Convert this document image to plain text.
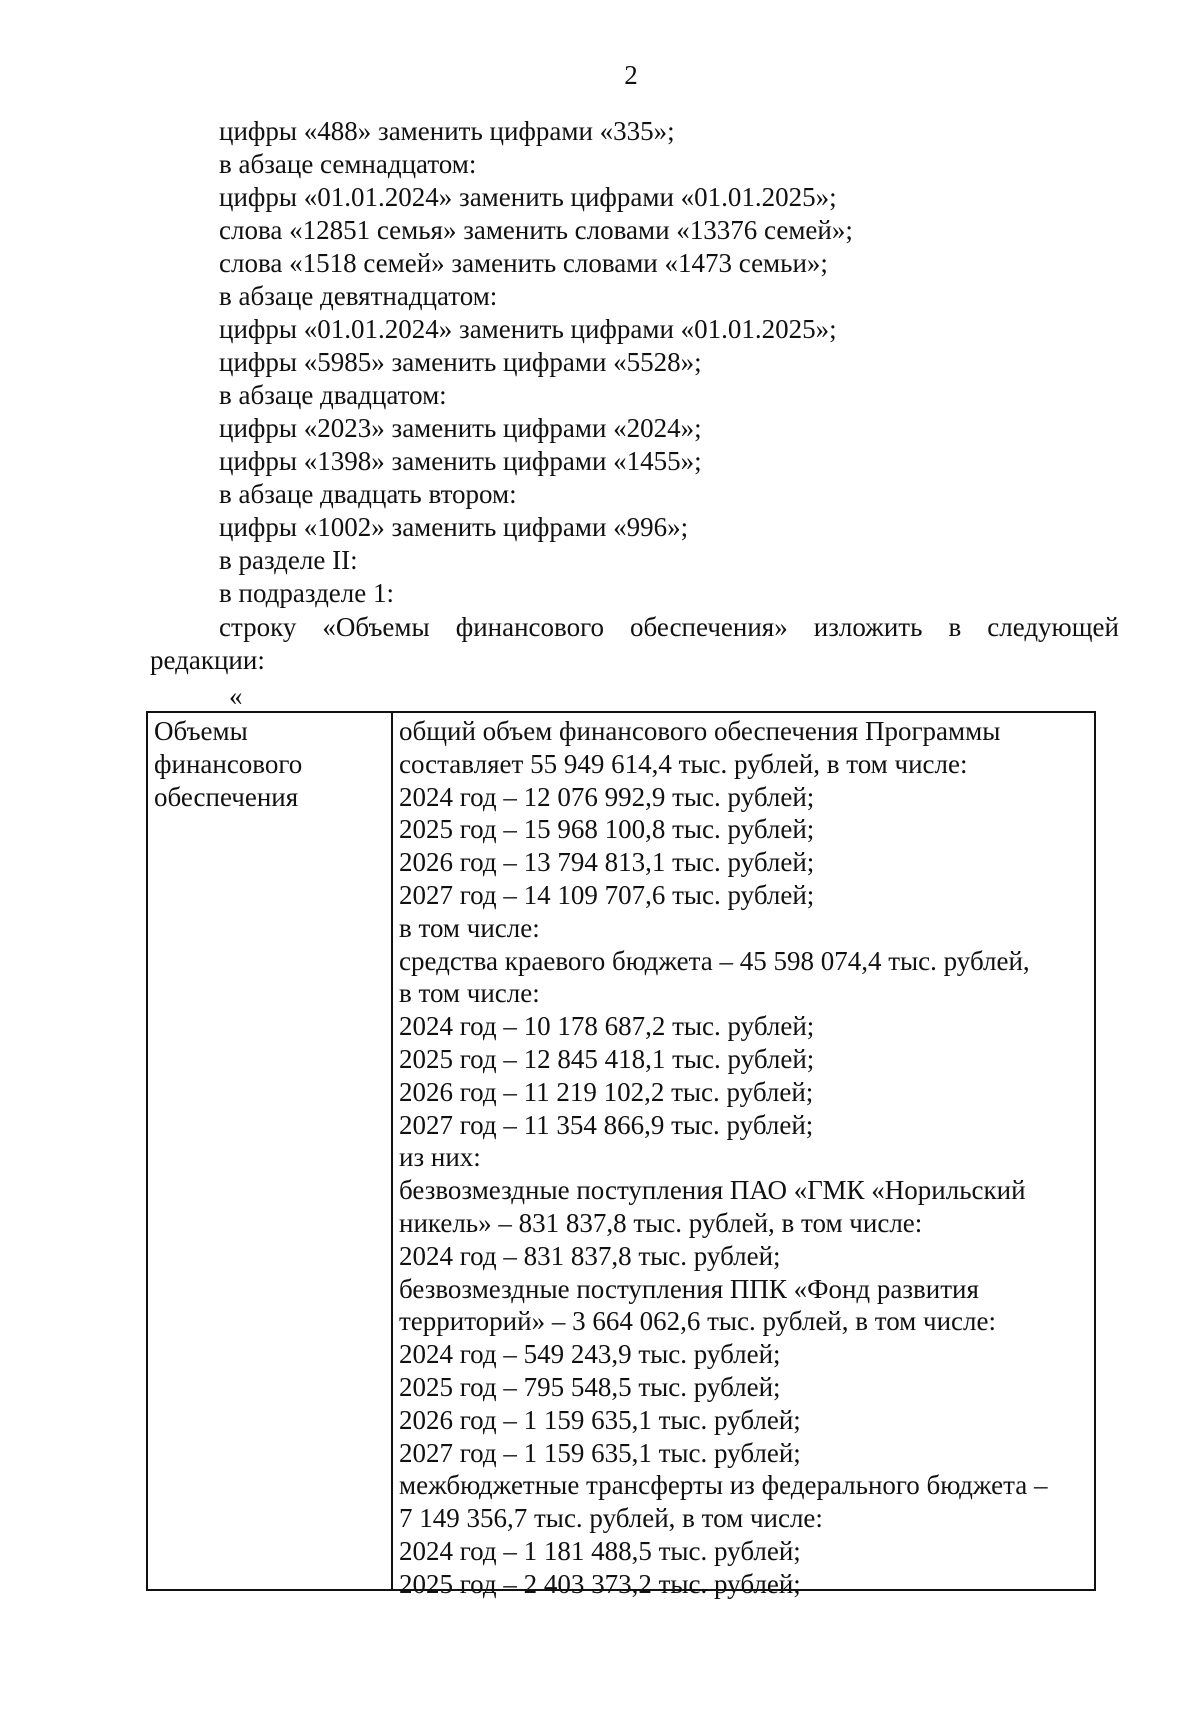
2
цифры «488» заменить цифрами «335»;
в абзаце семнадцатом:
цифры «01.01.2024» заменить цифрами «01.01.2025»;
слова «12851 семья» заменить словами «13376 семей»;
слова «1518 семей» заменить словами «1473 семьи»;
в абзаце девятнадцатом:
цифры «01.01.2024» заменить цифрами «01.01.2025»;
цифры «5985» заменить цифрами «5528»;
в абзаце двадцатом:
цифры «2023» заменить цифрами «2024»;
цифры «1398» заменить цифрами «1455»;
в абзаце двадцать втором:
цифры «1002» заменить цифрами «996»;
в разделе II:
в подразделе 1:
строку «Объемы финансового обеспечения» изложить в следующей
редакции:
«
Объемы
финансового
обеспечения
общий объем финансового обеспечения Программы
составляет 55 949 614,4 тыс. рублей, в том числе:
2024 год – 12 076 992,9 тыс. рублей;
2025 год – 15 968 100,8 тыс. рублей;
2026 год – 13 794 813,1 тыс. рублей;
2027 год – 14 109 707,6 тыс. рублей;
в том числе:
средства краевого бюджета – 45 598 074,4 тыс. рублей,
в том числе:
2024 год – 10 178 687,2 тыс. рублей;
2025 год – 12 845 418,1 тыс. рублей;
2026 год – 11 219 102,2 тыс. рублей;
2027 год – 11 354 866,9 тыс. рублей;
из них:
безвозмездные поступления ПАО «ГМК «Норильский
никель» – 831 837,8 тыс. рублей, в том числе:
2024 год – 831 837,8 тыс. рублей;
безвозмездные поступления ППК «Фонд развития
территорий» – 3 664 062,6 тыс. рублей, в том числе:
2024 год – 549 243,9 тыс. рублей;
2025 год – 795 548,5 тыс. рублей;
2026 год – 1 159 635,1 тыс. рублей;
2027 год – 1 159 635,1 тыс. рублей;
межбюджетные трансферты из федерального бюджета –
7 149 356,7 тыс. рублей, в том числе:
2024 год – 1 181 488,5 тыс. рублей;
2025 год – 2 403 373,2 тыс. рублей;
